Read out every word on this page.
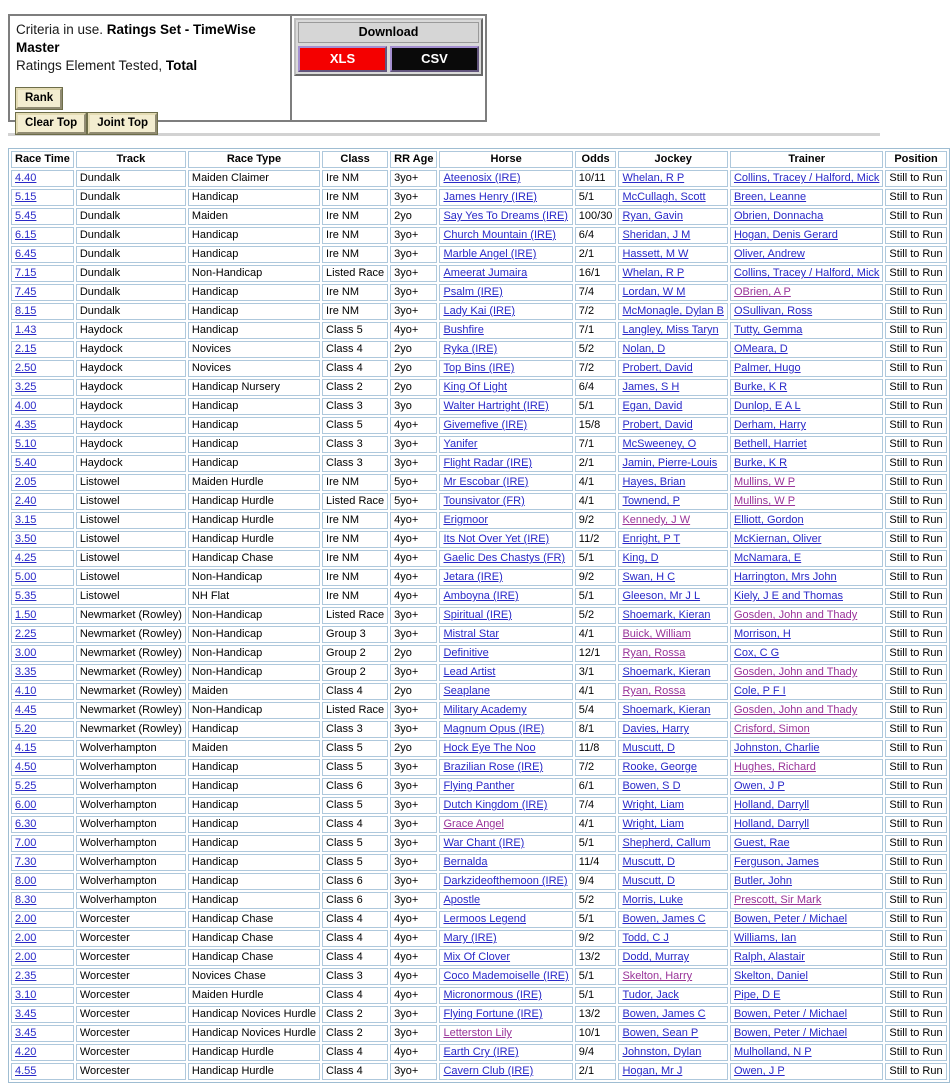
Criteria in use. Ratings Set - TimeWise Master
Ratings Element Tested, Total
Rank
Clear Top Joint Top
Download
XLS	CSV
Race Time	Track	Race Type	Class	RR Age	Horse	Odds	Jockey	Trainer	Position
4.40	Dundalk	Maiden Claimer	Ire NM	3yo+	Ateenosix (IRE)	10/11	Whelan, R P	Collins, Tracey / Halford, Mick	Still to Run
5.15	Dundalk	Handicap	Ire NM	3yo+	James Henry (IRE)	5/1	McCullagh, Scott	Breen, Leanne	Still to Run
5.45	Dundalk	Maiden	Ire NM	2yo	Say Yes To Dreams (IRE)	100/30	Ryan, Gavin	Obrien, Donnacha	Still to Run
6.15	Dundalk	Handicap	Ire NM	3yo+	Church Mountain (IRE)	6/4	Sheridan, J M	Hogan, Denis Gerard	Still to Run
6.45	Dundalk	Handicap	Ire NM	3yo+	Marble Angel (IRE)	2/1	Hassett, M W	Oliver, Andrew	Still to Run
7.15	Dundalk	Non-Handicap	Listed Race	3yo+	Ameerat Jumaira	16/1	Whelan, R P	Collins, Tracey / Halford, Mick	Still to Run
7.45	Dundalk	Handicap	Ire NM	3yo+	Psalm (IRE)	7/4	Lordan, W M	OBrien, A P	Still to Run
8.15	Dundalk	Handicap	Ire NM	3yo+	Lady Kai (IRE)	7/2	McMonagle, Dylan B	OSullivan, Ross	Still to Run
1.43	Haydock	Handicap	Class 5	4yo+	Bushfire	7/1	Langley, Miss Taryn	Tutty, Gemma	Still to Run
2.15	Haydock	Novices	Class 4	2yo	Ryka (IRE)	5/2	Nolan, D	OMeara, D	Still to Run
2.50	Haydock	Novices	Class 4	2yo	Top Bins (IRE)	7/2	Probert, David	Palmer, Hugo	Still to Run
3.25	Haydock	Handicap Nursery	Class 2	2yo	King Of Light	6/4	James, S H	Burke, K R	Still to Run
4.00	Haydock	Handicap	Class 3	3yo	Walter Hartright (IRE)	5/1	Egan, David	Dunlop, E A L	Still to Run
4.35	Haydock	Handicap	Class 5	4yo+	Givemefive (IRE)	15/8	Probert, David	Derham, Harry	Still to Run
5.10	Haydock	Handicap	Class 3	3yo+	Yanifer	7/1	McSweeney, O	Bethell, Harriet	Still to Run
5.40	Haydock	Handicap	Class 3	3yo+	Flight Radar (IRE)	2/1	Jamin, Pierre-Louis	Burke, K R	Still to Run
2.05	Listowel	Maiden Hurdle	Ire NM	5yo+	Mr Escobar (IRE)	4/1	Hayes, Brian	Mullins, W P	Still to Run
2.40	Listowel	Handicap Hurdle	Listed Race	5yo+	Tounsivator (FR)	4/1	Townend, P	Mullins, W P	Still to Run
3.15	Listowel	Handicap Hurdle	Ire NM	4yo+	Erigmoor	9/2	Kennedy, J W	Elliott, Gordon	Still to Run
3.50	Listowel	Handicap Hurdle	Ire NM	4yo+	Its Not Over Yet (IRE)	11/2	Enright, P T	McKiernan, Oliver	Still to Run
4.25	Listowel	Handicap Chase	Ire NM	4yo+	Gaelic Des Chastys (FR)	5/1	King, D	McNamara, E	Still to Run
5.00	Listowel	Non-Handicap	Ire NM	4yo+	Jetara (IRE)	9/2	Swan, H C	Harrington, Mrs John	Still to Run
5.35	Listowel	NH Flat	Ire NM	4yo+	Amboyna (IRE)	5/1	Gleeson, Mr J L	Kiely, J E and Thomas	Still to Run
1.50	Newmarket (Rowley)	Non-Handicap	Listed Race	3yo+	Spiritual (IRE)	5/2	Shoemark, Kieran	Gosden, John and Thady	Still to Run
2.25	Newmarket (Rowley)	Non-Handicap	Group 3	3yo+	Mistral Star	4/1	Buick, William	Morrison, H	Still to Run
3.00	Newmarket (Rowley)	Non-Handicap	Group 2	2yo	Definitive	12/1	Ryan, Rossa	Cox, C G	Still to Run
3.35	Newmarket (Rowley)	Non-Handicap	Group 2	3yo+	Lead Artist	3/1	Shoemark, Kieran	Gosden, John and Thady	Still to Run
4.10	Newmarket (Rowley)	Maiden	Class 4	2yo	Seaplane	4/1	Ryan, Rossa	Cole, P F I	Still to Run
4.45	Newmarket (Rowley)	Non-Handicap	Listed Race	3yo+	Military Academy	5/4	Shoemark, Kieran	Gosden, John and Thady	Still to Run
5.20	Newmarket (Rowley)	Handicap	Class 3	3yo+	Magnum Opus (IRE)	8/1	Davies, Harry	Crisford, Simon	Still to Run
4.15	Wolverhampton	Maiden	Class 5	2yo	Hock Eye The Noo	11/8	Muscutt, D	Johnston, Charlie	Still to Run
4.50	Wolverhampton	Handicap	Class 5	3yo+	Brazilian Rose (IRE)	7/2	Rooke, George	Hughes, Richard	Still to Run
5.25	Wolverhampton	Handicap	Class 6	3yo+	Flying Panther	6/1	Bowen, S D	Owen, J P	Still to Run
6.00	Wolverhampton	Handicap	Class 5	3yo+	Dutch Kingdom (IRE)	7/4	Wright, Liam	Holland, Darryll	Still to Run
6.30	Wolverhampton	Handicap	Class 4	3yo+	Grace Angel	4/1	Wright, Liam	Holland, Darryll	Still to Run
7.00	Wolverhampton	Handicap	Class 5	3yo+	War Chant (IRE)	5/1	Shepherd, Callum	Guest, Rae	Still to Run
7.30	Wolverhampton	Handicap	Class 5	3yo+	Bernalda	11/4	Muscutt, D	Ferguson, James	Still to Run
8.00	Wolverhampton	Handicap	Class 6	3yo+	Darkzideofthemoon (IRE)	9/4	Muscutt, D	Butler, John	Still to Run
8.30	Wolverhampton	Handicap	Class 6	3yo+	Apostle	5/2	Morris, Luke	Prescott, Sir Mark	Still to Run
2.00	Worcester	Handicap Chase	Class 4	4yo+	Lermoos Legend	5/1	Bowen, James C	Bowen, Peter / Michael	Still to Run
2.00	Worcester	Handicap Chase	Class 4	4yo+	Mary (IRE)	9/2	Todd, C J	Williams, Ian	Still to Run
2.00	Worcester	Handicap Chase	Class 4	4yo+	Mix Of Clover	13/2	Dodd, Murray	Ralph, Alastair	Still to Run
2.35	Worcester	Novices Chase	Class 3	4yo+	Coco Mademoiselle (IRE)	5/1	Skelton, Harry	Skelton, Daniel	Still to Run
3.10	Worcester	Maiden Hurdle	Class 4	4yo+	Micronormous (IRE)	5/1	Tudor, Jack	Pipe, D E	Still to Run
3.45	Worcester	Handicap Novices Hurdle	Class 2	3yo+	Flying Fortune (IRE)	13/2	Bowen, James C	Bowen, Peter / Michael	Still to Run
3.45	Worcester	Handicap Novices Hurdle	Class 2	3yo+	Letterston Lily	10/1	Bowen, Sean P	Bowen, Peter / Michael	Still to Run
4.20	Worcester	Handicap Hurdle	Class 4	4yo+	Earth Cry (IRE)	9/4	Johnston, Dylan	Mulholland, N P	Still to Run
4.55	Worcester	Handicap Hurdle	Class 4	3yo+	Cavern Club (IRE)	2/1	Hogan, Mr J	Owen, J P	Still to Run
